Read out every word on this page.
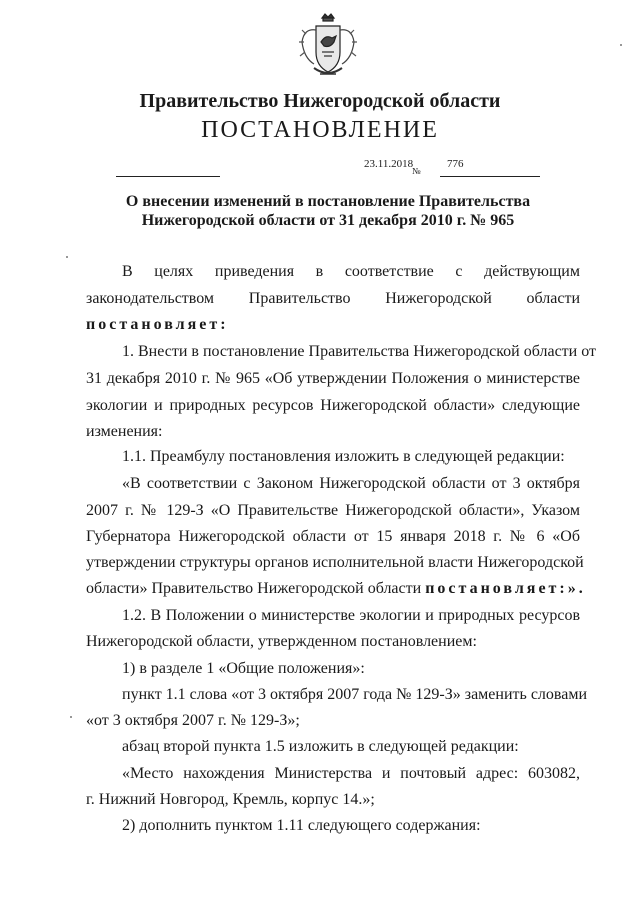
Правительство Нижегородской области
ПОСТАНОВЛЕНИЕ
23.11.2018
№
776
О внесении изменений в постановление Правительства
Нижегородской области от 31 декабря 2010 г. № 965
В целях приведения в соответствие с действующим
законодательством Правительство Нижегородской области
постановляет:
1. Внести в постановление Правительства Нижегородской области от
31 декабря 2010 г. № 965 «Об утверждении Положения о министерстве
экологии и природных ресурсов Нижегородской области» следующие
изменения:
1.1. Преамбулу постановления изложить в следующей редакции:
«В соответствии с Законом Нижегородской области от 3 октября
2007 г. № 129-З «О Правительстве Нижегородской области», Указом
Губернатора Нижегородской области от 15 января 2018 г. № 6 «Об
утверждении структуры органов исполнительной власти Нижегородской
области» Правительство Нижегородской области постановляет:».
1.2. В Положении о министерстве экологии и природных ресурсов
Нижегородской области, утвержденном постановлением:
1) в разделе 1 «Общие положения»:
пункт 1.1 слова «от 3 октября 2007 года № 129-З» заменить словами
«от 3 октября 2007 г. № 129-З»;
абзац второй пункта 1.5 изложить в следующей редакции:
«Место нахождения Министерства и почтовый адрес: 603082,
г. Нижний Новгород, Кремль, корпус 14.»;
2) дополнить пунктом 1.11 следующего содержания:
